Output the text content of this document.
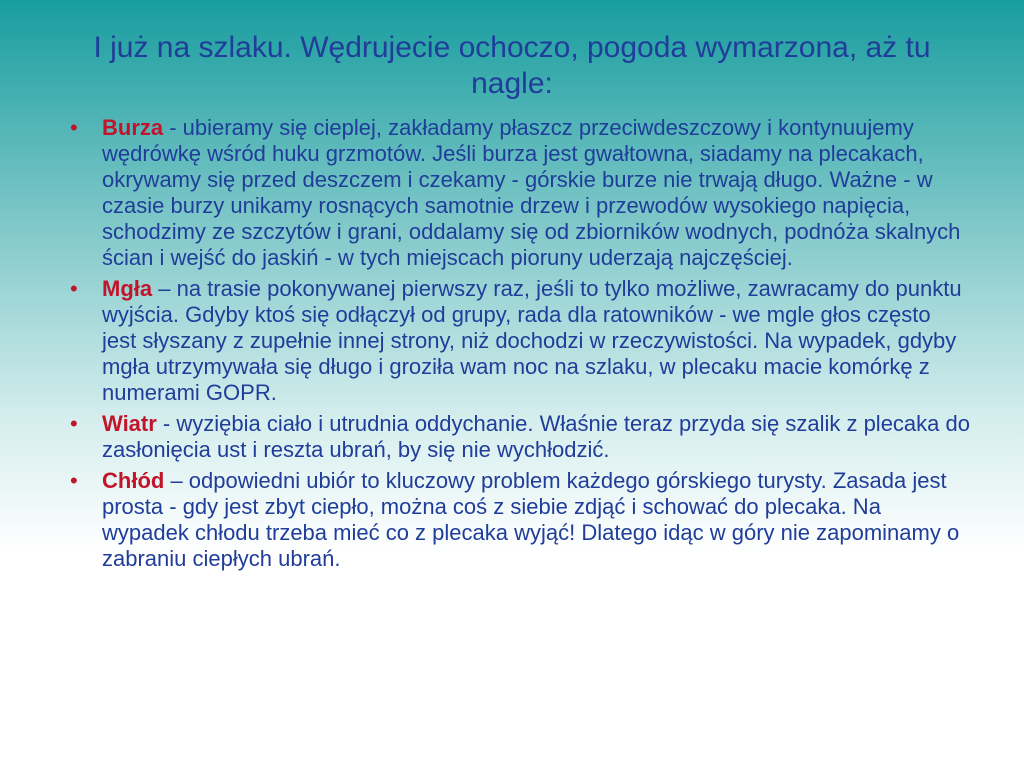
I już na szlaku. Wędrujecie ochoczo, pogoda wymarzona, aż tu nagle:
• Burza - ubieramy się cieplej, zakładamy płaszcz przeciwdeszczowy i kontynuujemy wędrówkę wśród huku grzmotów. Jeśli burza jest gwałtowna, siadamy na plecakach, okrywamy się przed deszczem i czekamy - górskie burze nie trwają długo. Ważne - w czasie burzy unikamy rosnących samotnie drzew i przewodów wysokiego napięcia, schodzimy ze szczytów i grani, oddalamy się od zbiorników wodnych, podnóża skalnych ścian i wejść do jaskiń - w tych miejscach pioruny uderzają najczęściej.
• Mgła – na trasie pokonywanej pierwszy raz, jeśli to tylko możliwe, zawracamy do punktu wyjścia. Gdyby ktoś się odłączył od grupy, rada dla ratowników - we mgle głos często jest słyszany z zupełnie innej strony, niż dochodzi w rzeczywistości. Na wypadek, gdyby mgła utrzymywała się długo i groziła wam noc na szlaku, w plecaku macie komórkę z numerami GOPR.
• Wiatr - wyziębia ciało i utrudnia oddychanie. Właśnie teraz przyda się szalik z plecaka do zasłonięcia ust i reszta ubrań, by się nie wychłodzić.
• Chłód – odpowiedni ubiór to kluczowy problem każdego górskiego turysty. Zasada jest prosta - gdy jest zbyt ciepło, można coś z siebie zdjąć i schować do plecaka. Na wypadek chłodu trzeba mieć co z plecaka wyjąć! Dlatego idąc w góry nie zapominamy o zabraniu ciepłych ubrań.
